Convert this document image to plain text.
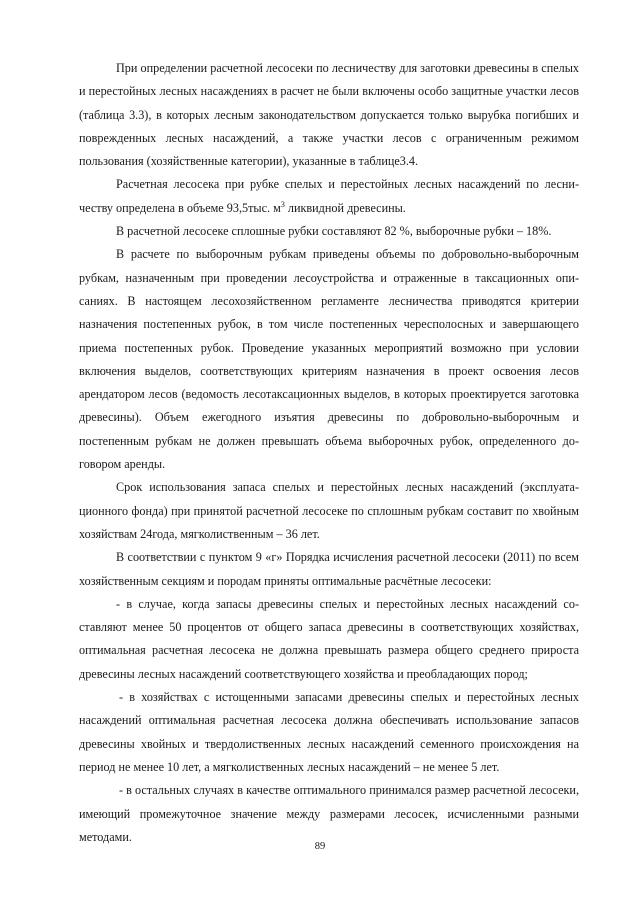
При определении расчетной лесосеки по лесничеству для заготовки древесины в спелых и перестойных лесных насаждениях в расчет не были включены особо защитные участки лесов (таблица 3.3), в которых лесным законодательством допускается только вырубка погибших и поврежденных лесных насаждений, а также участки лесов с ограниченным режимом пользования (хозяйственные категории), указанные в таблице3.4.

Расчетная лесосека при рубке спелых и перестойных лесных насаждений по лесничеству определена в объеме 93,5тыс. $м^3$ ликвидной древесины.

В расчетной лесосеке сплошные рубки составляют 82 %, выборочные рубки – 18%.

В расчете по выборочным рубкам приведены объемы по добровольно-выборочным рубкам, назначенным при проведении лесоустройства и отраженные в таксационных описаниях. В настоящем лесохозяйственном регламенте лесничества приводятся критерии назначения постепенных рубок, в том числе постепенных чересполосных и завершающего приема постепенных рубок. Проведение указанных мероприятий возможно при условии включения выделов, соответствующих критериям назначения в проект освоения лесов арендатором лесов (ведомость лесотаксационных выделов, в которых проектируется заготовка древесины). Объем ежегодного изъятия древесины по добровольно-выборочным и постепенным рубкам не должен превышать объема выборочных рубок, определенного договором аренды.

Срок использования запаса спелых и перестойных лесных насаждений (эксплуатационного фонда) при принятой расчетной лесосеке по сплошным рубкам составит по хвойным хозяйствам 24года, мягколиственным – 36 лет.

В соответствии с пунктом 9 «г» Порядка исчисления расчетной лесосеки (2011) по всем хозяйственным секциям и породам приняты оптимальные расчётные лесосеки:

- в случае, когда запасы древесины спелых и перестойных лесных насаждений составляют менее 50 процентов от общего запаса древесины в соответствующих хозяйствах, оптимальная расчетная лесосека не должна превышать размера общего среднего прироста древесины лесных насаждений соответствующего хозяйства и преобладающих пород;

- в хозяйствах с истощенными запасами древесины спелых и перестойных лесных насаждений оптимальная расчетная лесосека должна обеспечивать использование запасов древесины хвойных и твердолиственных лесных насаждений семенного происхождения на период не менее 10 лет, а мягколиственных лесных насаждений – не менее 5 лет.

- в остальных случаях в качестве оптимального принимался размер расчетной лесосеки, имеющий промежуточное значение между размерами лесосек, исчисленными разными методами.

89
